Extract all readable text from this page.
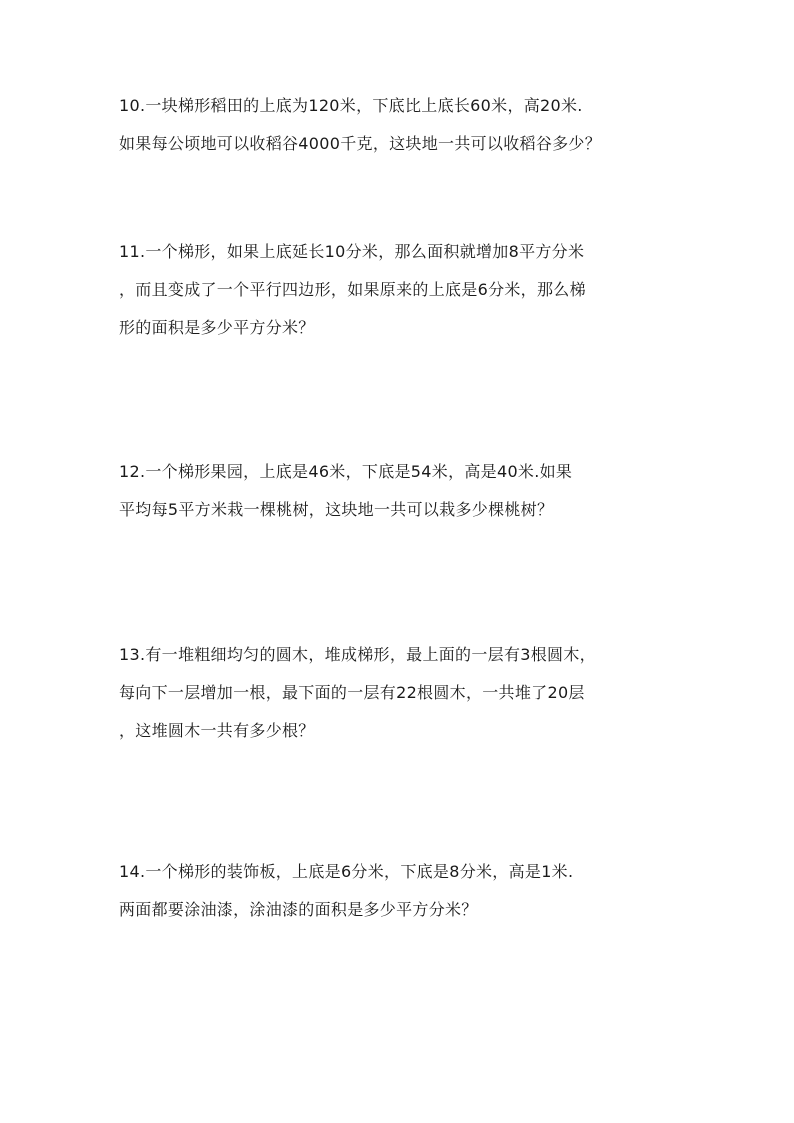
10.一块梯形稻田的上底为120米，下底比上底长60米，高20米.
如果每公顷地可以收稻谷4000千克，这块地一共可以收稻谷多少？
11.一个梯形，如果上底延长10分米，那么面积就增加8平方分米
，而且变成了一个平行四边形，如果原来的上底是6分米，那么梯
形的面积是多少平方分米？
12.一个梯形果园，上底是46米，下底是54米，高是40米.如果
平均每5平方米栽一棵桃树，这块地一共可以栽多少棵桃树？
13.有一堆粗细均匀的圆木，堆成梯形，最上面的一层有3根圆木，
每向下一层增加一根，最下面的一层有22根圆木，一共堆了20层
，这堆圆木一共有多少根？
14.一个梯形的装饰板，上底是6分米，下底是8分米，高是1米.
两面都要涂油漆，涂油漆的面积是多少平方分米？
